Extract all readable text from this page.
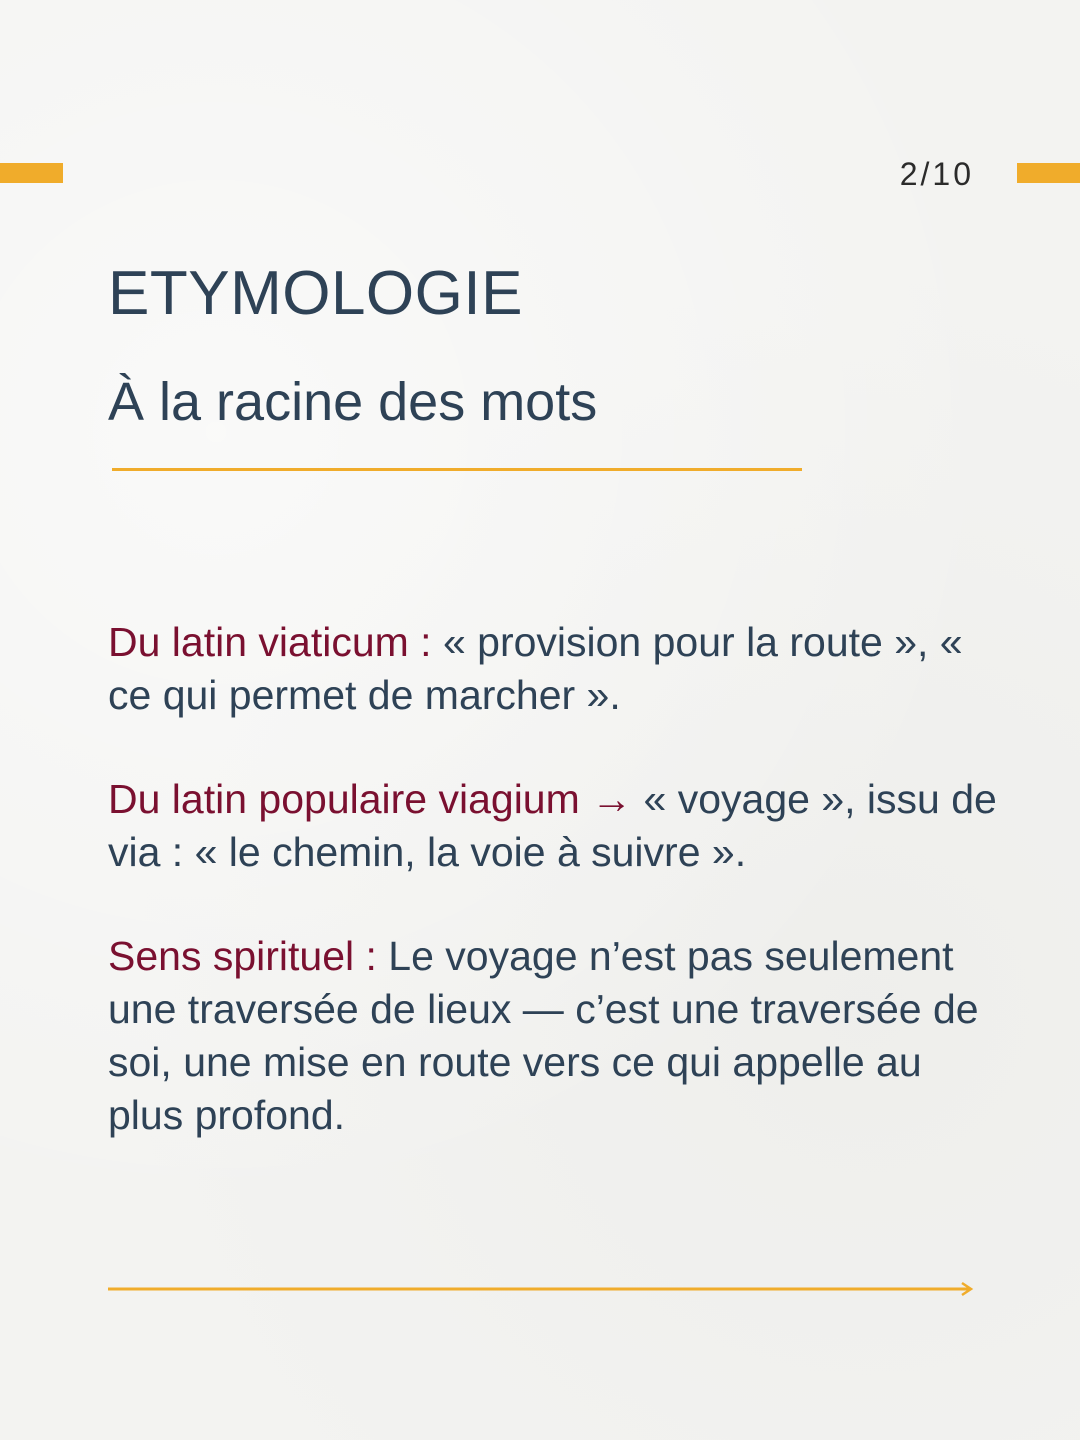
2/10
ETYMOLOGIE
À la racine des mots

Du latin viaticum : « provision pour la route », « ce qui permet de marcher ».

Du latin populaire viagium → « voyage », issu de via : « le chemin, la voie à suivre ».

Sens spirituel : Le voyage n’est pas seulement une traversée de lieux — c’est une traversée de soi, une mise en route vers ce qui appelle au plus profond.
